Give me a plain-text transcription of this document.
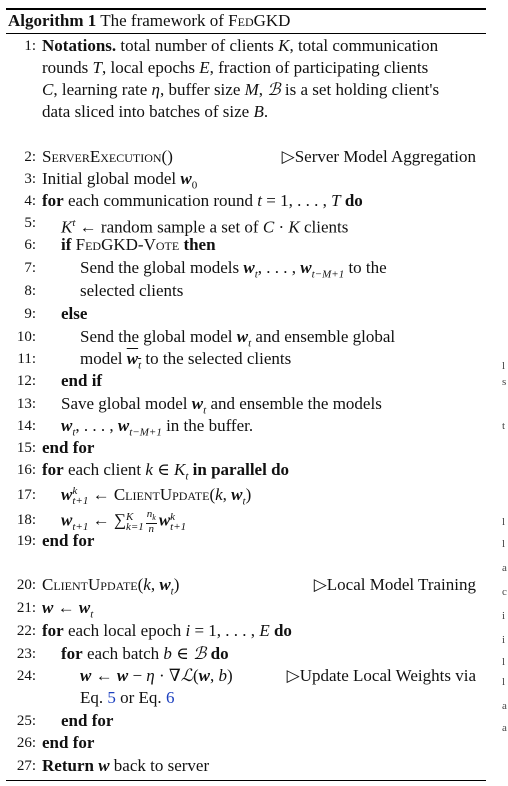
Algorithm 1 The framework of FedGKD
1: Notations. total number of clients K, total communication
rounds T, local epochs E, fraction of participating clients
C, learning rate η, buffer size M, ℬ is a set holding client's
data sliced into batches of size B.
2: ServerExecution()	▷Server Model Aggregation
3: Initial global model $w_0$
4: for each communication round t = 1, . . . , T do
5: $K^t$ ← random sample a set of C · K clients
6: if FedGKD-Vote then
7:	Send the global models $w_t$, . . . , $w_{t-M+1}$ to the
8:	selected clients
9: else
10:	Send the global model $w_t$ and ensemble global
11:	model $w_t$ to the selected clients
12: end if
13: Save global model $w_t$ and ensemble the models
14: $w_t$, . . . , $w_{t-M+1}$ in the buffer.
15: end for
16: for each client k ∈ $K_t$ in parallel do
17: w k
t+1 ← ClientUpdate(k, $w_t$)
18: $w_{t+1}$ ← ∑ K
$k=1 \frac{n_k}{n}$ w k
t+1
19: end for
20: ClientUpdate(k, $w_t$)	▷Local Model Training
21: w ← $w_t$
22: for each local epoch i = 1, . . . , E do
23: for each batch b ∈ ℬ do
24:	w ← w − η · ∇ℒ(w, b)	▷Update Local Weights via
Eq. 5 or Eq. 6
25: end for
26: end for
27: Return w back to server
l
s
t
l
l
a
c
i
i
l
l
a
a
